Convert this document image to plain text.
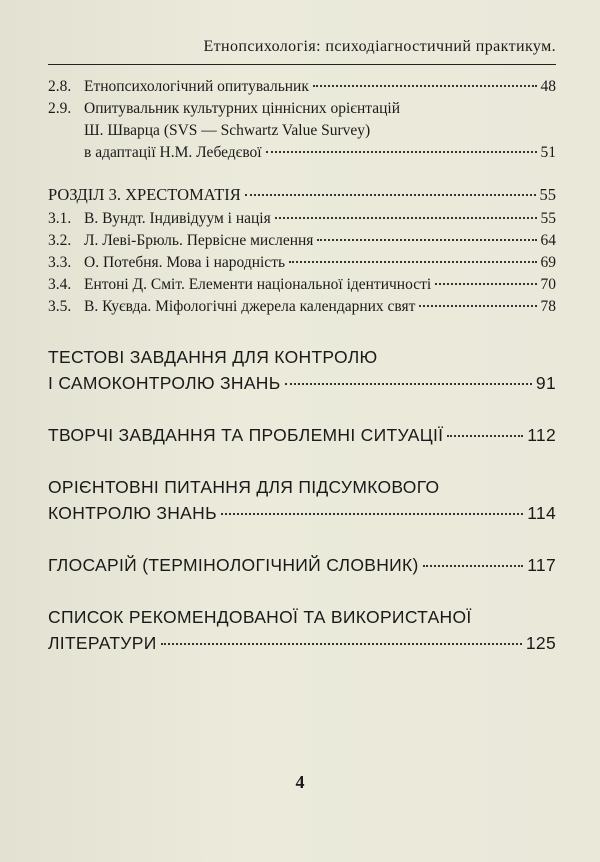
Етнопсихологія: психодіагностичний практикум.
2.8. Етнопсихологічний опитувальник	48
2.9. Опитувальник культурних ціннісних орієнтацій
Ш. Шварца (SVS — Schwartz Value Survey)
в адаптації Н.М. Лебедєвої	51
РОЗДІЛ 3. ХРЕСТОМАТІЯ	55
3.1. В. Вундт. Індивідуум і нація	55
3.2. Л. Леві-Брюль. Первісне мислення	64
3.3. О. Потебня. Мова і народність	69
3.4. Ентоні Д. Сміт. Елементи національної ідентичності	70
3.5. В. Куєвда. Міфологічні джерела календарних свят	78
ТЕСТОВІ ЗАВДАННЯ ДЛЯ КОНТРОЛЮ
І САМОКОНТРОЛЮ ЗНАНЬ	91
ТВОРЧІ ЗАВДАННЯ ТА ПРОБЛЕМНІ СИТУАЦІЇ	112
ОРІЄНТОВНІ ПИТАННЯ ДЛЯ ПІДСУМКОВОГО
КОНТРОЛЮ ЗНАНЬ	114
ГЛОСАРІЙ (ТЕРМІНОЛОГІЧНИЙ СЛОВНИК)	117
СПИСОК РЕКОМЕНДОВАНОЇ ТА ВИКОРИСТАНОЇ
ЛІТЕРАТУРИ	125
4
